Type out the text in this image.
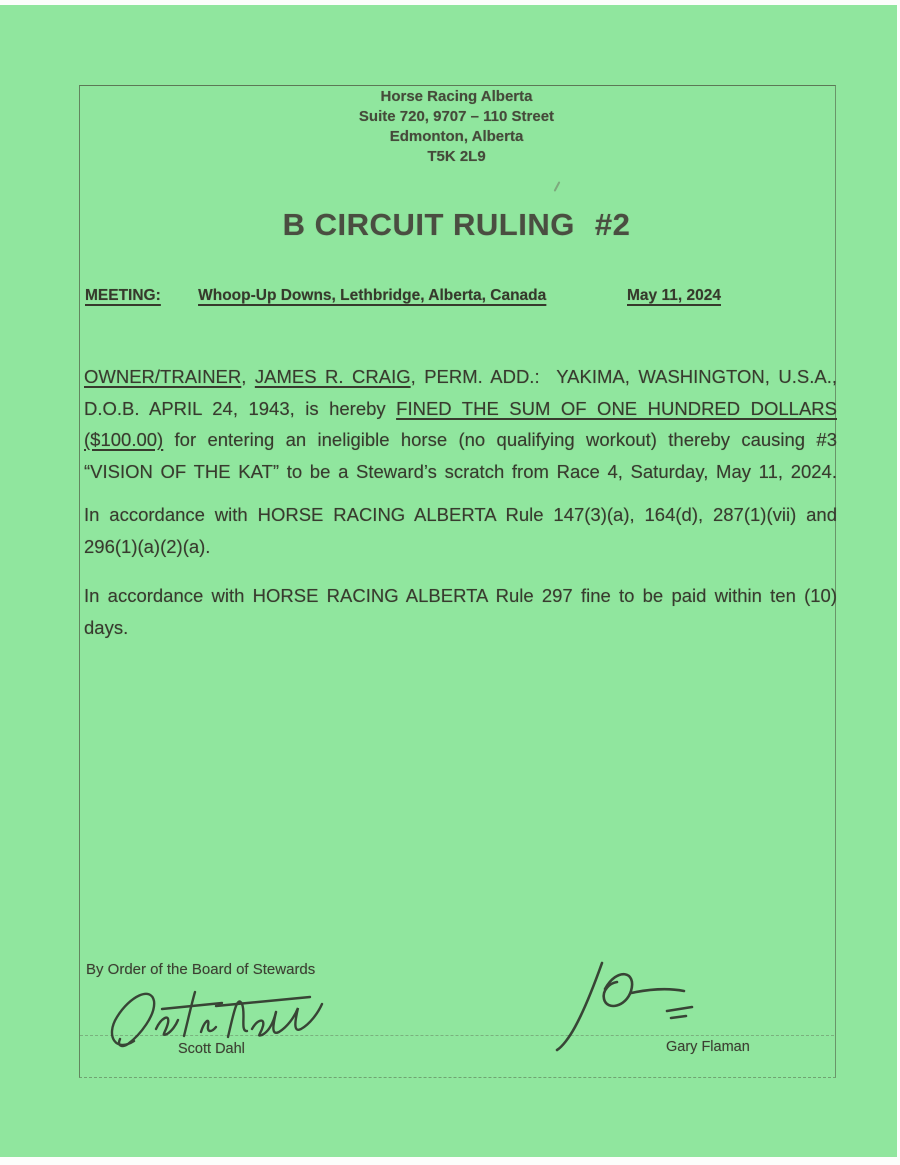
Horse Racing Alberta
Suite 720, 9707 – 110 Street
Edmonton, Alberta
T5K 2L9
B CIRCUIT RULING #2
MEETING: Whoop-Up Downs, Lethbridge, Alberta, Canada	May 11, 2024
OWNER/TRAINER, JAMES R. CRAIG, PERM. ADD.:  YAKIMA, WASHINGTON, U.S.A.,
D.O.B. APRIL 24, 1943, is hereby FINED THE SUM OF ONE HUNDRED DOLLARS
($100.00) for entering an ineligible horse (no qualifying workout) thereby causing #3
“VISION OF THE KAT” to be a Steward’s scratch from Race 4, Saturday, May 11, 2024.
In accordance with HORSE RACING ALBERTA Rule 147(3)(a), 164(d), 287(1)(vii) and
296(1)(a)(2)(a).
In accordance with HORSE RACING ALBERTA Rule 297 fine to be paid within ten (10)
days.
By Order of the Board of Stewards
Scott Dahl	Gary Flaman
